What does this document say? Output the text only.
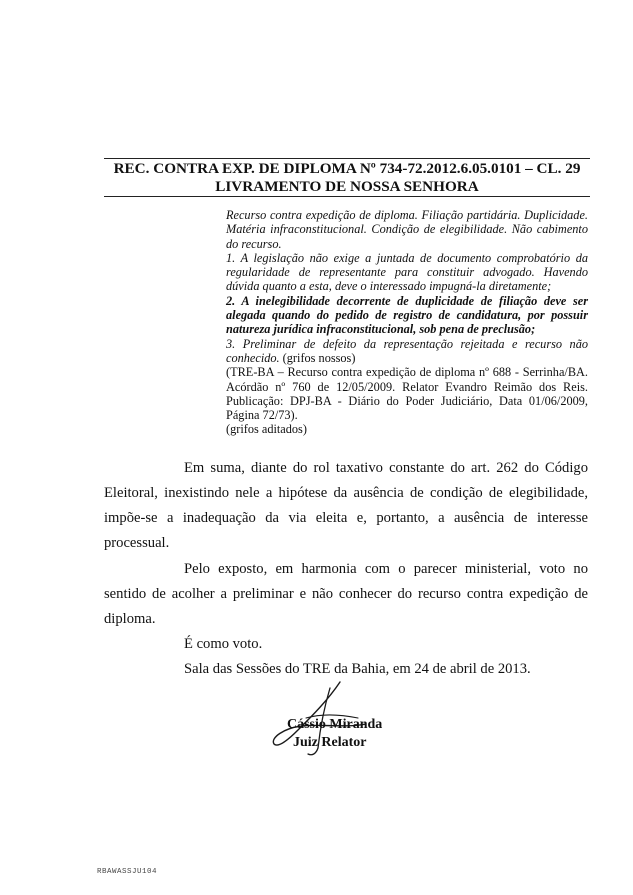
REC. CONTRA EXP. DE DIPLOMA Nº 734-72.2012.6.05.0101 – CL. 29
LIVRAMENTO DE NOSSA SENHORA

Recurso contra expedição de diploma. Filiação partidária. Duplicidade. Matéria infraconstitucional. Condição de elegibilidade. Não cabimento do recurso.

1. A legislação não exige a juntada de documento comprobatório da regularidade de representante para constituir advogado. Havendo dúvida quanto a esta, deve o interessado impugná-la diretamente;

2. A inelegibilidade decorrente de duplicidade de filiação deve ser alegada quando do pedido de registro de candidatura, por possuir natureza jurídica infraconstitucional, sob pena de preclusão;

3. Preliminar de defeito da representação rejeitada e recurso não conhecido. (grifos nossos)

(TRE-BA – Recurso contra expedição de diploma nº 688 - Serrinha/BA. Acórdão nº 760 de 12/05/2009. Relator Evandro Reimão dos Reis. Publicação: DPJ-BA - Diário do Poder Judiciário, Data 01/06/2009, Página 72/73).

(grifos aditados)

Em suma, diante do rol taxativo constante do art. 262 do Código Eleitoral, inexistindo nele a hipótese da ausência de condição de elegibilidade, impõe-se a inadequação da via eleita e, portanto, a ausência de interesse processual.

Pelo exposto, em harmonia com o parecer ministerial, voto no sentido de acolher a preliminar e não conhecer do recurso contra expedição de diploma.

É como voto.
Sala das Sessões do TRE da Bahia, em 24 de abril de 2013.
Cássio Miranda
Juiz Relator
RBAWASSJU104
